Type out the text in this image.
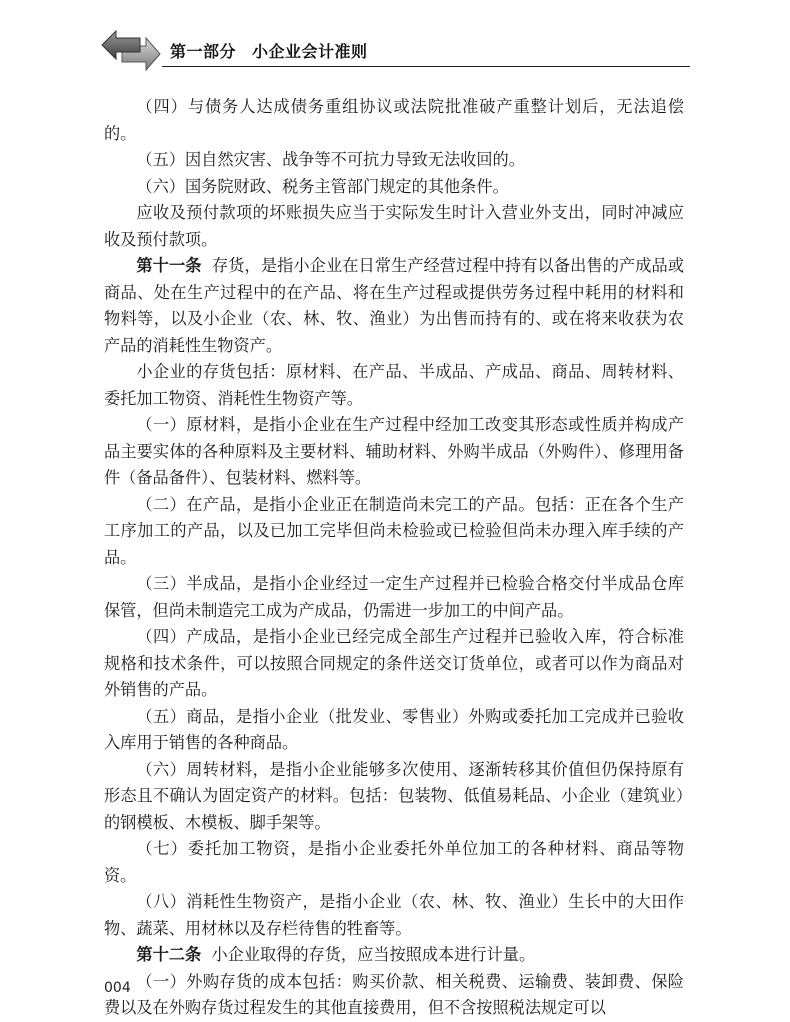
第一部分 小企业会计准则

（四）与债务人达成债务重组协议或法院批准破产重整计划后，无法追偿的。

（五）因自然灾害、战争等不可抗力导致无法收回的。

（六）国务院财政、税务主管部门规定的其他条件。

应收及预付款项的坏账损失应当于实际发生时计入营业外支出，同时冲减应收及预付款项。

第十一条 存货，是指小企业在日常生产经营过程中持有以备出售的产成品或商品、处在生产过程中的在产品、将在生产过程或提供劳务过程中耗用的材料和物料等，以及小企业（农、林、牧、渔业）为出售而持有的、或在将来收获为农产品的消耗性生物资产。

小企业的存货包括：原材料、在产品、半成品、产成品、商品、周转材料、委托加工物资、消耗性生物资产等。

（一）原材料，是指小企业在生产过程中经加工改变其形态或性质并构成产品主要实体的各种原料及主要材料、辅助材料、外购半成品（外购件）、修理用备件（备品备件）、包装材料、燃料等。

（二）在产品，是指小企业正在制造尚未完工的产品。包括：正在各个生产工序加工的产品，以及已加工完毕但尚未检验或已检验但尚未办理入库手续的产品。

（三）半成品，是指小企业经过一定生产过程并已检验合格交付半成品仓库保管，但尚未制造完工成为产成品，仍需进一步加工的中间产品。

（四）产成品，是指小企业已经完成全部生产过程并已验收入库，符合标准规格和技术条件，可以按照合同规定的条件送交订货单位，或者可以作为商品对外销售的产品。

（五）商品，是指小企业（批发业、零售业）外购或委托加工完成并已验收入库用于销售的各种商品。

（六）周转材料，是指小企业能够多次使用、逐渐转移其价值但仍保持原有形态且不确认为固定资产的材料。包括：包装物、低值易耗品、小企业（建筑业）的钢模板、木模板、脚手架等。

（七）委托加工物资，是指小企业委托外单位加工的各种材料、商品等物资。

（八）消耗性生物资产，是指小企业（农、林、牧、渔业）生长中的大田作物、蔬菜、用材林以及存栏待售的牲畜等。

第十二条 小企业取得的存货，应当按照成本进行计量。

（一）外购存货的成本包括：购买价款、相关税费、运输费、装卸费、保险费以及在外购存货过程发生的其他直接费用，但不含按照税法规定可以

004
